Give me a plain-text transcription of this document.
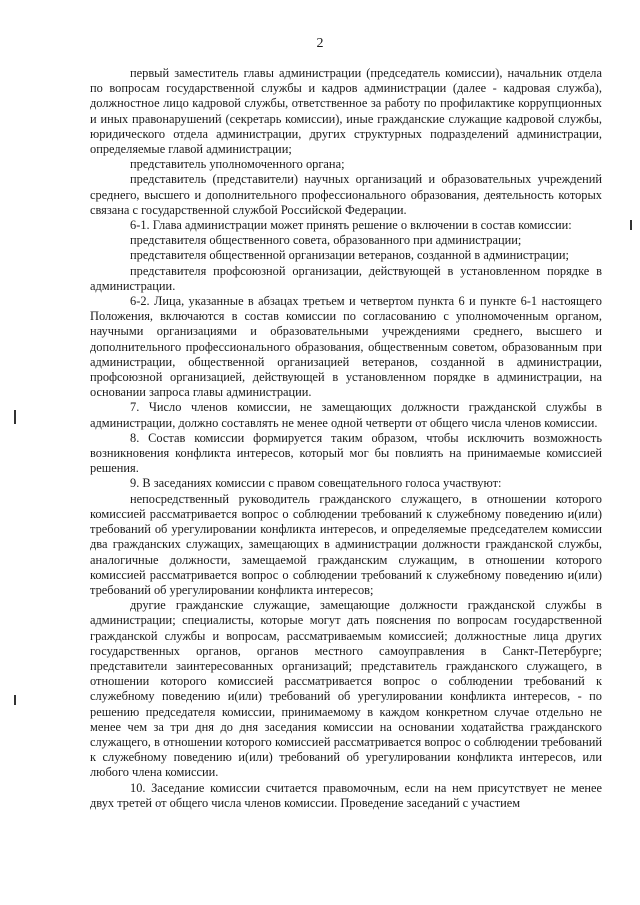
2

первый заместитель главы администрации (председатель комиссии), начальник отдела по вопросам государственной службы и кадров администрации (далее - кадровая служба), должностное лицо кадровой службы, ответственное за работу по профилактике коррупционных и иных правонарушений (секретарь комиссии), иные гражданские служащие кадровой службы, юридического отдела администрации, других структурных подразделений администрации, определяемые главой администрации;

представитель уполномоченного органа;

представитель (представители) научных организаций и образовательных учреждений среднего, высшего и дополнительного профессионального образования, деятельность которых связана с государственной службой Российской Федерации.

6-1. Глава администрации может принять решение о включении в состав комиссии:

представителя общественного совета, образованного при администрации;

представителя общественной организации ветеранов, созданной в администрации;

представителя профсоюзной организации, действующей в установленном порядке в администрации.

6-2. Лица, указанные в абзацах третьем и четвертом пункта 6 и пункте 6-1 настоящего Положения, включаются в состав комиссии по согласованию с уполномоченным органом, научными организациями и образовательными учреждениями среднего, высшего и дополнительного профессионального образования, общественным советом, образованным при администрации, общественной организацией ветеранов, созданной в администрации, профсоюзной организацией, действующей в установленном порядке в администрации, на основании запроса главы администрации.

7. Число членов комиссии, не замещающих должности гражданской службы в администрации, должно составлять не менее одной четверти от общего числа членов комиссии.

8. Состав комиссии формируется таким образом, чтобы исключить возможность возникновения конфликта интересов, который мог бы повлиять на принимаемые комиссией решения.

9. В заседаниях комиссии с правом совещательного голоса участвуют:

непосредственный руководитель гражданского служащего, в отношении которого комиссией рассматривается вопрос о соблюдении требований к служебному поведению и(или) требований об урегулировании конфликта интересов, и определяемые председателем комиссии два гражданских служащих, замещающих в администрации должности гражданской службы, аналогичные должности, замещаемой гражданским служащим, в отношении которого комиссией рассматривается вопрос о соблюдении требований к служебному поведению и(или) требований об урегулировании конфликта интересов;

другие гражданские служащие, замещающие должности гражданской службы в администрации; специалисты, которые могут дать пояснения по вопросам государственной гражданской службы и вопросам, рассматриваемым комиссией; должностные лица других государственных органов, органов местного самоуправления в Санкт-Петербурге; представители заинтересованных организаций; представитель гражданского служащего, в отношении которого комиссией рассматривается вопрос о соблюдении требований к служебному поведению и(или) требований об урегулировании конфликта интересов, - по решению председателя комиссии, принимаемому в каждом конкретном случае отдельно не менее чем за три дня до дня заседания комиссии на основании ходатайства гражданского служащего, в отношении которого комиссией рассматривается вопрос о соблюдении требований к служебному поведению и(или) требований об урегулировании конфликта интересов, или любого члена комиссии.

10. Заседание комиссии считается правомочным, если на нем присутствует не менее двух третей от общего числа членов комиссии. Проведение заседаний с участием
